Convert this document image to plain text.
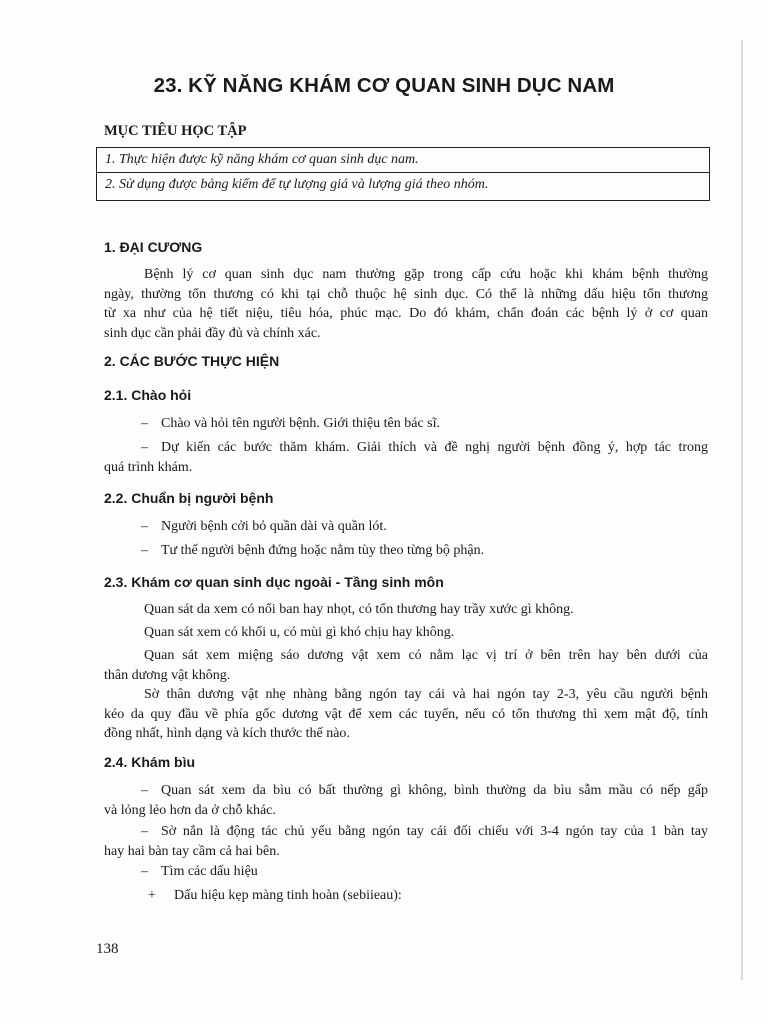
23. KỸ NĂNG KHÁM CƠ QUAN SINH DỤC NAM
MỤC TIÊU HỌC TẬP
1. Thực hiện được kỹ năng khám cơ quan sinh dục nam.
2. Sử dụng được bảng kiểm để tự lượng giá và lượng giá theo nhóm.
1. ĐẠI CƯƠNG
Bệnh lý cơ quan sinh dục nam thường gặp trong cấp cứu hoặc khi khám bệnh thường
ngày, thường tổn thương có khi tại chỗ thuộc hệ sinh dục. Có thể là những dấu hiệu tổn thương
từ xa như của hệ tiết niệu, tiêu hóa, phúc mạc. Do đó khám, chẩn đoán các bệnh lý ở cơ quan
sinh dục cần phải đầy đủ và chính xác.
2. CÁC BƯỚC THỰC HIỆN
2.1. Chào hỏi
– Chào và hỏi tên người bệnh. Giới thiệu tên bác sĩ.
– Dự kiến các bước thăm khám. Giải thích và đề nghị người bệnh đồng ý, hợp tác trong
quá trình khám.
2.2. Chuẩn bị người bệnh
– Người bệnh cởi bỏ quần dài và quần lót.
– Tư thế người bệnh đứng hoặc nằm tùy theo từng bộ phận.
2.3. Khám cơ quan sinh dục ngoài - Tầng sinh môn
Quan sát da xem có nổi ban hay nhọt, có tổn thương hay trầy xước gì không.
Quan sát xem có khối u, có mùi gì khó chịu hay không.
Quan sát xem miệng sáo dương vật xem có nằm lạc vị trí ở bên trên hay bên dưới của
thân dương vật không.
Sờ thân dương vật nhẹ nhàng bằng ngón tay cái và hai ngón tay 2-3, yêu cầu người bệnh
kéo da quy đầu về phía gốc dương vật để xem các tuyến, nếu có tổn thương thì xem mật độ, tính
đồng nhất, hình dạng và kích thước thế nào.
2.4. Khám bìu
– Quan sát xem da bìu có bất thường gì không, bình thường da bìu sẫm mầu có nếp gấp
và lỏng lẻo hơn da ở chỗ khác.
– Sờ nắn là động tác chủ yếu bằng ngón tay cái đối chiếu với 3-4 ngón tay của 1 bàn tay
hay hai bàn tay cầm cả hai bên.
– Tìm các dấu hiệu
+ Dấu hiệu kẹp màng tinh hoàn (sebiieau):
138
